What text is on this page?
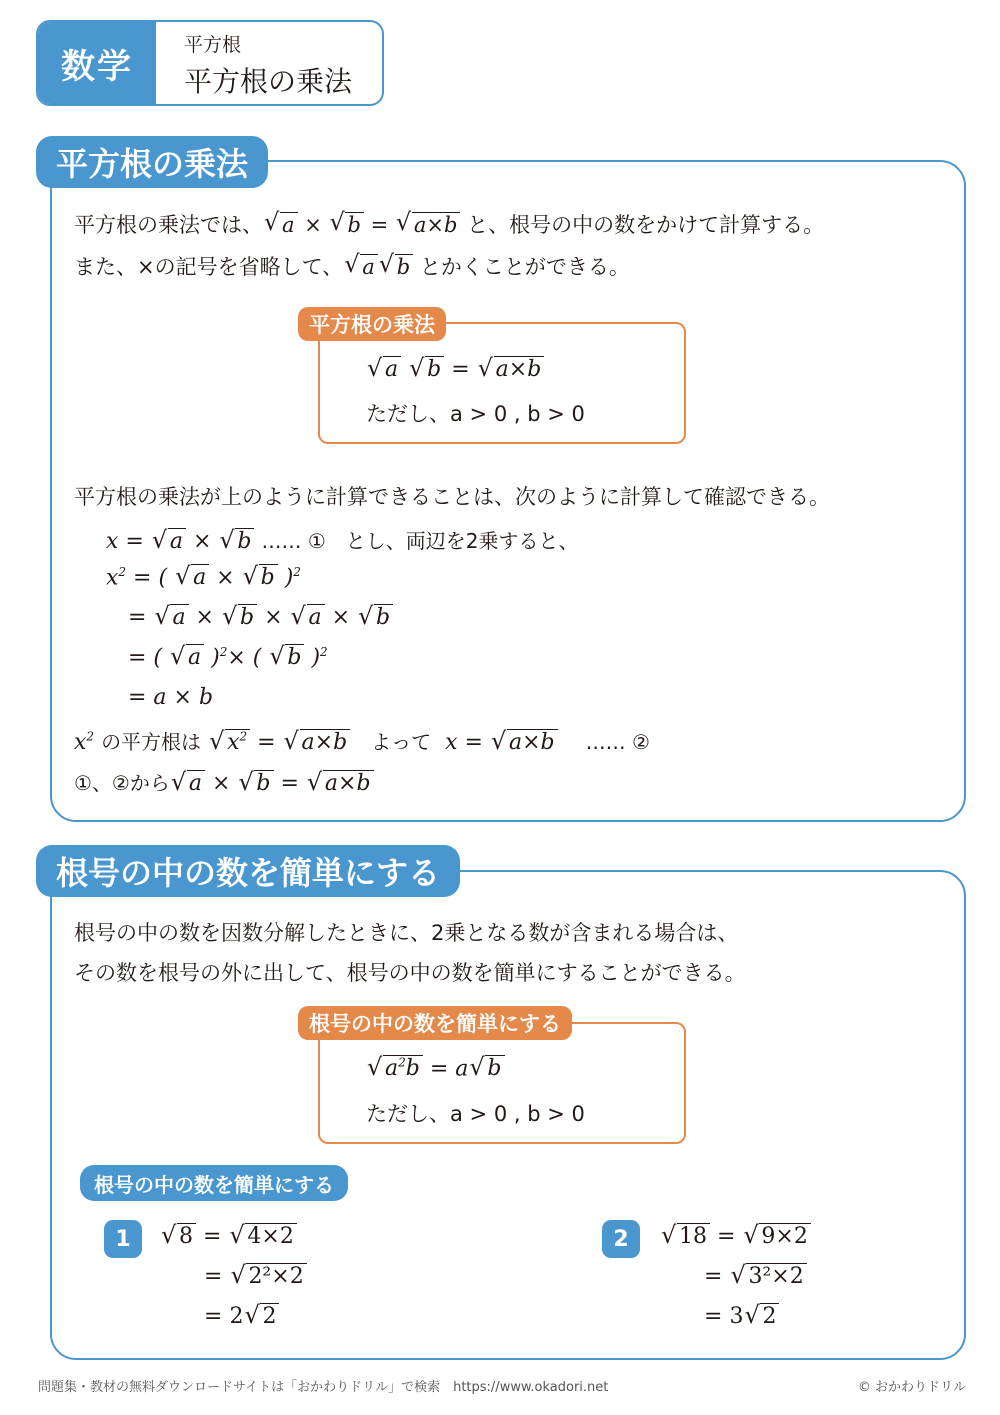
数学
平方根
平方根の乗法
平方根の乗法
平方根の乗法では、√ a × √ b = √ a×b と、根号の中の数をかけて計算する。
また、×の記号を省略して、√ a√ b とかくことができる。
平方根の乗法
√ a √ b = √ a×b
ただし、a > 0 , b > 0
平方根の乗法が上のように計算できることは、次のように計算して確認できる。
x = √ a × √ b …… ①　とし、両辺を2乗すると、
$x^2$ = ( √ a × √ b )$^2$
= √ a × √ b × √ a × √ b
= ( √ a )$^2$× ( √ b )$^2$
= a × b
$x^2$ の平方根は √ $x^2$ = √ a×b よって  x = √ a×b …… ②
①、②から√ a × √ b = √ a×b
根号の中の数を簡単にする
根号の中の数を因数分解したときに、2乗となる数が含まれる場合は、
その数を根号の外に出して、根号の中の数を簡単にすることができる。
根号の中の数を簡単にする
√ $a^2b = a√$ b
ただし、a > 0 , b > 0
根号の中の数を簡単にする
1
√	8 = √ 4×2
= √ 2²×2
= 2√ 2
2
√	18 = √ 9×2
= √ 3²×2
= 3√ 2
問題集・教材の無料ダウンロードサイトは「おかわりドリル」で検索　https://www.okadori.net	© おかわりドリル
